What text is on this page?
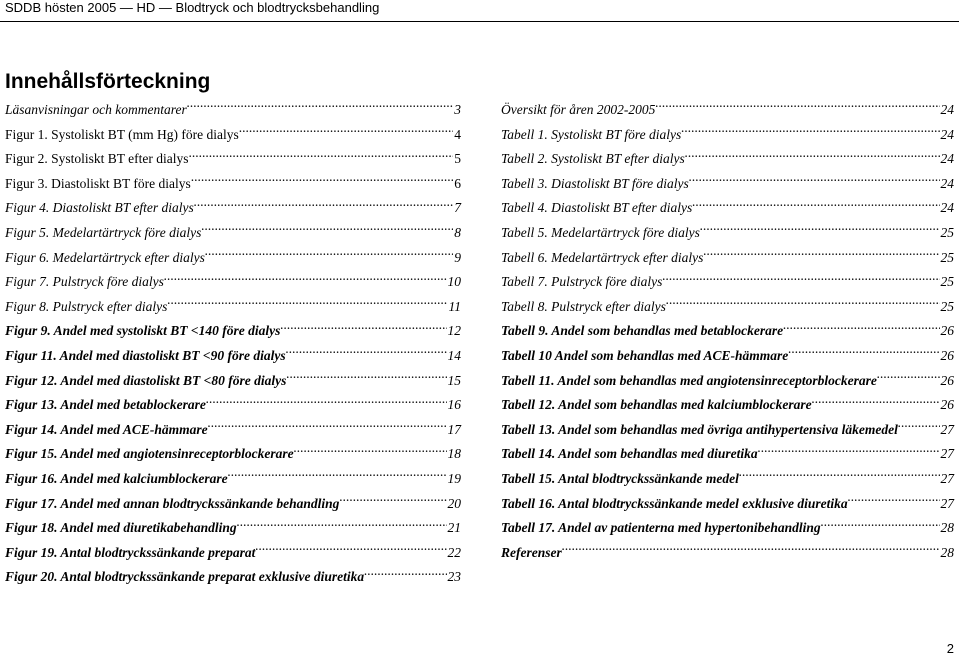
SDDB hösten 2005 — HD — Blodtryck och blodtrycksbehandling
Innehållsförteckning
Läsanvisningar och kommentarer .....	3
Figur 1. Systoliskt BT (mm Hg) före dialys .....	4
Figur 2. Systoliskt BT efter dialys .....	5
Figur 3. Diastoliskt BT före dialys .....	6
Figur 4. Diastoliskt BT efter dialys .....	7
Figur 5. Medelartärtryck före dialys .....	8
Figur 6. Medelartärtryck efter dialys .....	9
Figur 7. Pulstryck före dialys .....	10
Figur 8. Pulstryck efter dialys .....	11
Figur 9. Andel med systoliskt BT <140 före dialys .....	12
Figur 11. Andel med diastoliskt BT <90 före dialys .....	14
Figur 12. Andel med diastoliskt BT <80 före dialys .....	15
Figur 13. Andel med betablockerare .....	16
Figur 14. Andel med ACE-hämmare .....	17
Figur 15. Andel med angiotensinreceptorblockerare .....	18
Figur 16. Andel med kalciumblockerare .....	19
Figur 17. Andel med annan blodtryckssänkande behandling .....	20
Figur 18. Andel med diuretikabehandling .....	21
Figur 19. Antal blodtryckssänkande preparat .....	22
Figur 20. Antal blodtryckssänkande preparat exklusive diuretika .....	23
Översikt för åren 2002-2005 .....	24
Tabell 1. Systoliskt BT före dialys .....	24
Tabell 2. Systoliskt BT efter dialys .....	24
Tabell 3. Diastoliskt BT före dialys .....	24
Tabell 4. Diastoliskt BT efter dialys .....	24
Tabell 5. Medelartärtryck före dialys .....	25
Tabell 6. Medelartärtryck efter dialys .....	25
Tabell 7. Pulstryck före dialys .....	25
Tabell 8. Pulstryck efter dialys .....	25
Tabell 9. Andel som behandlas med betablockerare .....	26
Tabell 10 Andel som behandlas med ACE-hämmare .....	26
Tabell 11. Andel som behandlas med angiotensinreceptorblockerare .....	26
Tabell 12. Andel som behandlas med kalciumblockerare .....	26
Tabell 13. Andel som behandlas med övriga antihypertensiva läkemedel .....	27
Tabell 14. Andel som behandlas med diuretika .....	27
Tabell 15. Antal blodtryckssänkande medel .....	27
Tabell 16. Antal blodtryckssänkande medel exklusive diuretika .....	27
Tabell 17. Andel av patienterna med hypertonibehandling .....	28
Referenser .....	28
2
